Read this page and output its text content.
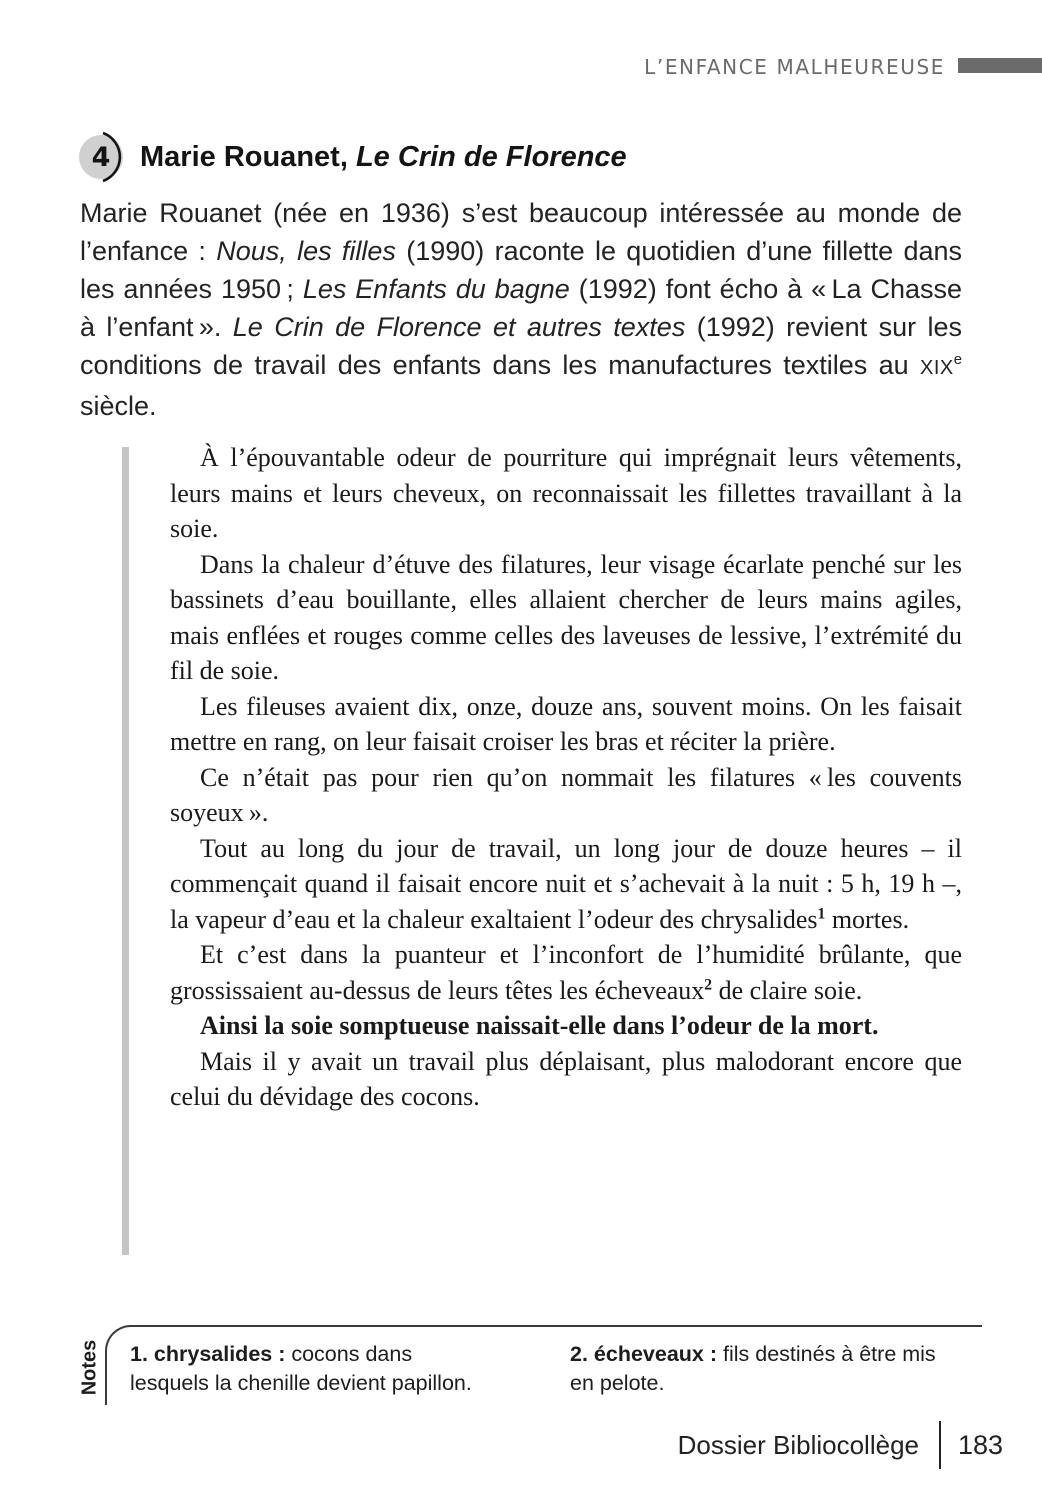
L’ENFANCE MALHEUREUSE
4	Marie Rouanet, Le Crin de Florence
Marie Rouanet (née en 1936) s’est beaucoup intéressée au monde de l’enfance : Nous, les filles (1990) raconte le quotidien d’une fillette dans les années 1950 ; Les Enfants du bagne (1992) font écho à « La Chasse à l’enfant ». Le Crin de Florence et autres textes (1992) revient sur les conditions de travail des enfants dans les manufactures textiles au XIXe siècle.

À l’épouvantable odeur de pourriture qui imprégnait leurs vêtements, leurs mains et leurs cheveux, on reconnaissait les fillettes travaillant à la soie.

Dans la chaleur d’étuve des filatures, leur visage écarlate penché sur les bassinets d’eau bouillante, elles allaient chercher de leurs mains agiles, mais enflées et rouges comme celles des laveuses de lessive, l’extrémité du fil de soie.

Les fileuses avaient dix, onze, douze ans, souvent moins. On les faisait mettre en rang, on leur faisait croiser les bras et réciter la prière.

Ce n’était pas pour rien qu’on nommait les filatures « les couvents soyeux ».

Tout au long du jour de travail, un long jour de douze heures – il commençait quand il faisait encore nuit et s’achevait à la nuit : 5 h, 19 h –, la vapeur d’eau et la chaleur exaltaient l’odeur des chrysalides$^1$ mortes.

Et c’est dans la puanteur et l’inconfort de l’humidité brûlante, que grossissaient au-dessus de leurs têtes les écheveaux$^2$ de claire soie.

Ainsi la soie somptueuse naissait-elle dans l’odeur de la mort.

Mais il y avait un travail plus déplaisant, plus malodorant encore que celui du dévidage des cocons.

Notes 1. chrysalides : cocons dans lesquels la chenille devient papillon.
2. écheveaux : fils destinés à être mis en pelote.
Dossier Bibliocollège 183
